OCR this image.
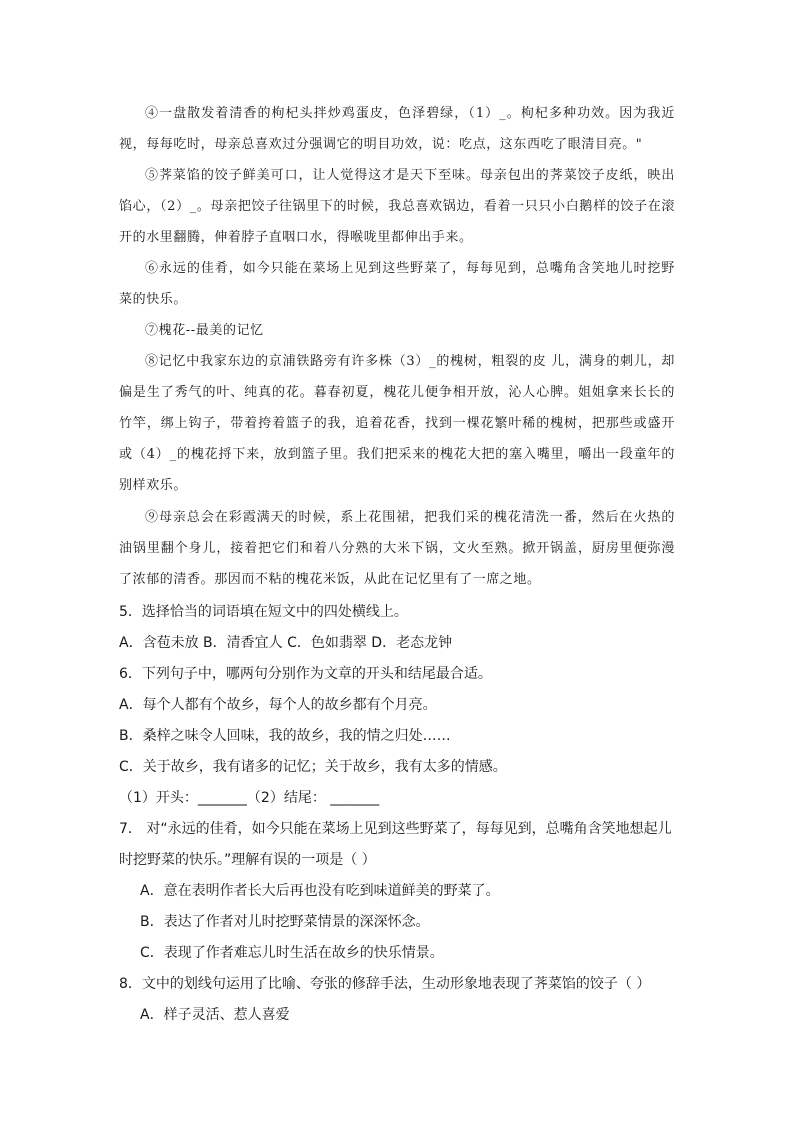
④一盘散发着清香的枸杞头拌炒鸡蛋皮，色泽碧绿，（1）_。枸杞多种功效。因为我近视，每每吃时，母亲总喜欢过分强调它的明目功效，说：吃点，这东西吃了眼清目亮。"
⑤荠菜馅的饺子鲜美可口，让人觉得这才是天下至味。母亲包出的荠菜饺子皮纸，映出馅心，（2）_。母亲把饺子往锅里下的时候，我总喜欢锅边，看着一只只小白鹅样的饺子在滚开的水里翻腾，伸着脖子直咽口水，得喉咙里都伸出手来。
⑥永远的佳肴，如今只能在菜场上见到这些野菜了，每每见到，总嘴角含笑地儿时挖野菜的快乐。
⑦槐花--最美的记忆
⑧记忆中我家东边的京浦铁路旁有许多株（3）_的槐树，粗裂的皮 儿，满身的刺儿，却偏是生了秀气的叶、纯真的花。暮春初夏，槐花儿便争相开放，沁人心脾。姐姐拿来长长的竹竿，绑上钩子，带着挎着篮子的我，追着花香，找到一棵花繁叶稀的槐树，把那些或盛开或（4）_的槐花捋下来，放到篮子里。我们把采来的槐花大把的塞入嘴里，嚼出一段童年的别样欢乐。
⑨母亲总会在彩霞满天的时候，系上花围裙，把我们采的槐花清洗一番，然后在火热的油锅里翻个身儿，接着把它们和着八分熟的大米下锅，文火至熟。掀开锅盖，厨房里便弥漫了浓郁的清香。那因而不粘的槐花米饭，从此在记忆里有了一席之地。
5．选择恰当的词语填在短文中的四处横线上。
A．含苞未放 B．清香宜人 C．色如翡翠 D．老态龙钟
6．下列句子中，哪两句分别作为文章的开头和结尾最合适。
A．每个人都有个故乡，每个人的故乡都有个月亮。
B．桑梓之味令人回味，我的故乡，我的情之归处……
C．关于故乡，我有诸多的记忆；关于故乡，我有太多的情感。
（1）开头：_______（2）结尾： _______
7． 对“永远的佳肴，如今只能在菜场上见到这些野菜了，每每见到，总嘴角含笑地想起儿时挖野菜的快乐。”理解有误的一项是（ ）
A．意在表明作者长大后再也没有吃到味道鲜美的野菜了。
B．表达了作者对儿时挖野菜情景的深深怀念。
C．表现了作者难忘儿时生活在故乡的快乐情景。
8．文中的划线句运用了比喻、夸张的修辞手法，生动形象地表现了荠菜馅的饺子（ ）
A．样子灵活、惹人喜爱
